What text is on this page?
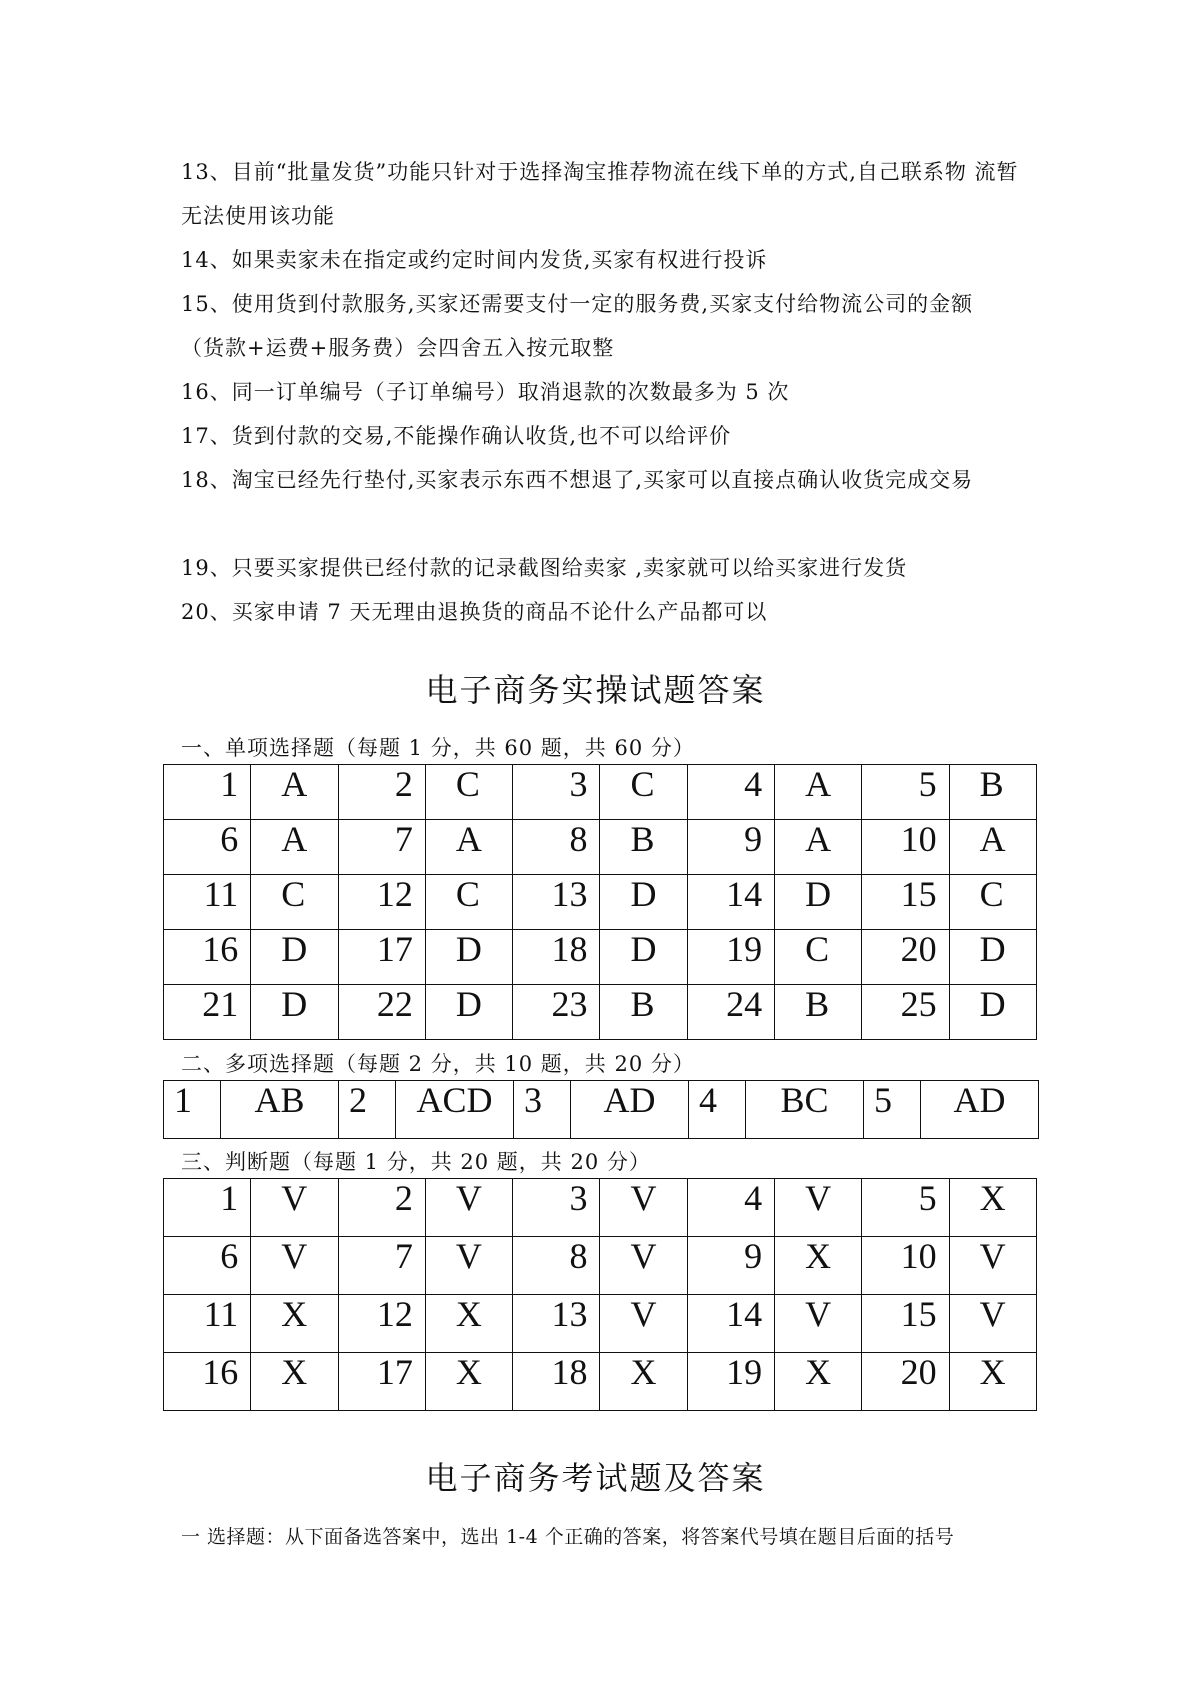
13、目前“批量发货”功能只针对于选择淘宝推荐物流在线下单的方式,自己联系物 流暂无法使用该功能
14、如果卖家未在指定或约定时间内发货,买家有权进行投诉
15、使用货到付款服务,买家还需要支付一定的服务费,买家支付给物流公司的金额 （货款+运费+服务费）会四舍五入按元取整
16、同一订单编号（子订单编号）取消退款的次数最多为 5 次
17、货到付款的交易,不能操作确认收货,也不可以给评价
18、淘宝已经先行垫付,买家表示东西不想退了,买家可以直接点确认收货完成交易
19、只要买家提供已经付款的记录截图给卖家 ,卖家就可以给买家进行发货
20、买家申请 7 天无理由退换货的商品不论什么产品都可以
电子商务实操试题答案
一、单项选择题（每题 1 分，共 60 题，共 60 分）
1	A	2	C	3	C	4	A	5	B
6	A	7	A	8	B	9	A	10	A
11	C	12	C	13	D	14	D	15	C
16	D	17	D	18	D	19	C	20	D
21	D	22	D	23	B	24	B	25	D
二、多项选择题（每题 2 分，共 10 题，共 20 分）
1	AB	2	ACD	3	AD	4	BC	5	AD
三、判断题（每题 1 分，共 20 题，共 20 分）
1	V	2	V	3	V	4	V	5	X
6	V	7	V	8	V	9	X	10	V
11	X	12	X	13	V	14	V	15	V
16	X	17	X	18	X	19	X	20	X
电子商务考试题及答案
一 选择题：从下面备选答案中，选出 1-4 个正确的答案，将答案代号填在题目后面的括号
